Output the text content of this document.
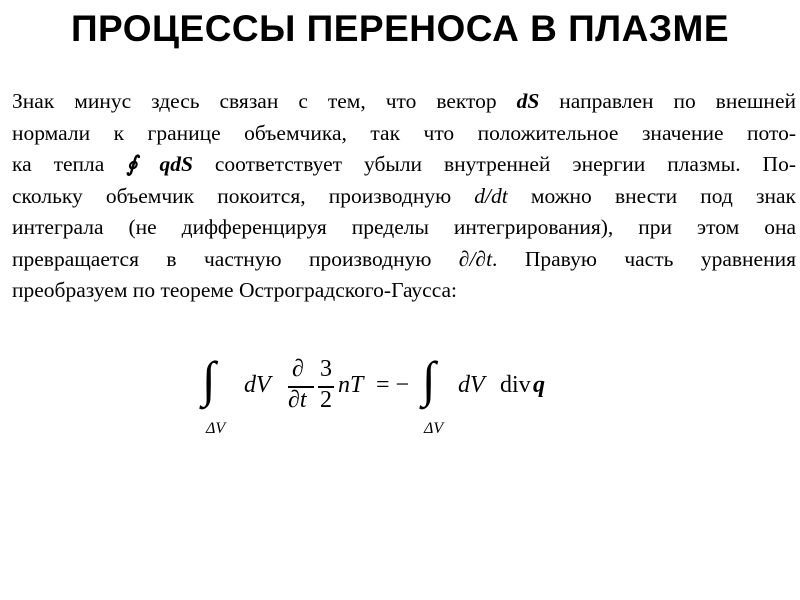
ПРОЦЕССЫ ПЕРЕНОСА В ПЛАЗМЕ
Знак минус здесь связан с тем, что вектор dS направлен по внешней
нормали к границе объемчика, так что положительное значение пото-
ка тепла ∮ qdS соответствует убыли внутренней энергии плазмы. По-
скольку объемчик покоится, производную d/dt можно внести под знак
интеграла (не дифференцируя пределы интегрирования), при этом она
превращается в частную производную ∂/∂t. Правую часть уравнения
преобразуем по теореме Остроградского-Гаусса:
∫
ΔV
dV
∂
∂t
3
2
nT = − ∫
ΔV
dV div q
